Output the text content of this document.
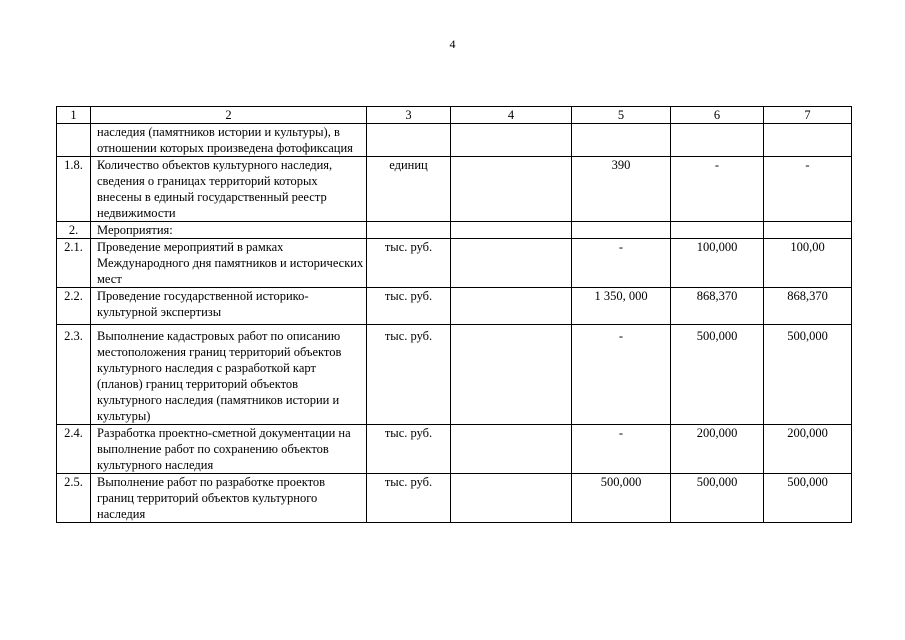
4
1	2	3	4	5	6	7
	наследия (памятников истории и культуры), в отношении которых произведена фотофиксация					
1.8.	Количество объектов культурного наследия, сведения о границах территорий которых внесены в единый государственный реестр недвижимости	единиц		390	-	-
2.	Мероприятия:					
2.1.	Проведение мероприятий в рамках Международного дня памятников и исторических мест	тыс. руб.		-	100,000	100,00
2.2.	Проведение государственной историко-культурной экспертизы	тыс. руб.		1 350, 000	868,370	868,370
2.3.	Выполнение кадастровых работ по описанию местоположения границ территорий объектов культурного наследия с разработкой карт (планов) границ территорий объектов культурного наследия (памятников истории и культуры)	тыс. руб.		-	500,000	500,000
2.4.	Разработка проектно-сметной документации на выполнение работ по сохранению объектов культурного наследия	тыс. руб.		-	200,000	200,000
2.5.	Выполнение работ по разработке проектов границ территорий объектов культурного наследия	тыс. руб.		500,000	500,000	500,000
